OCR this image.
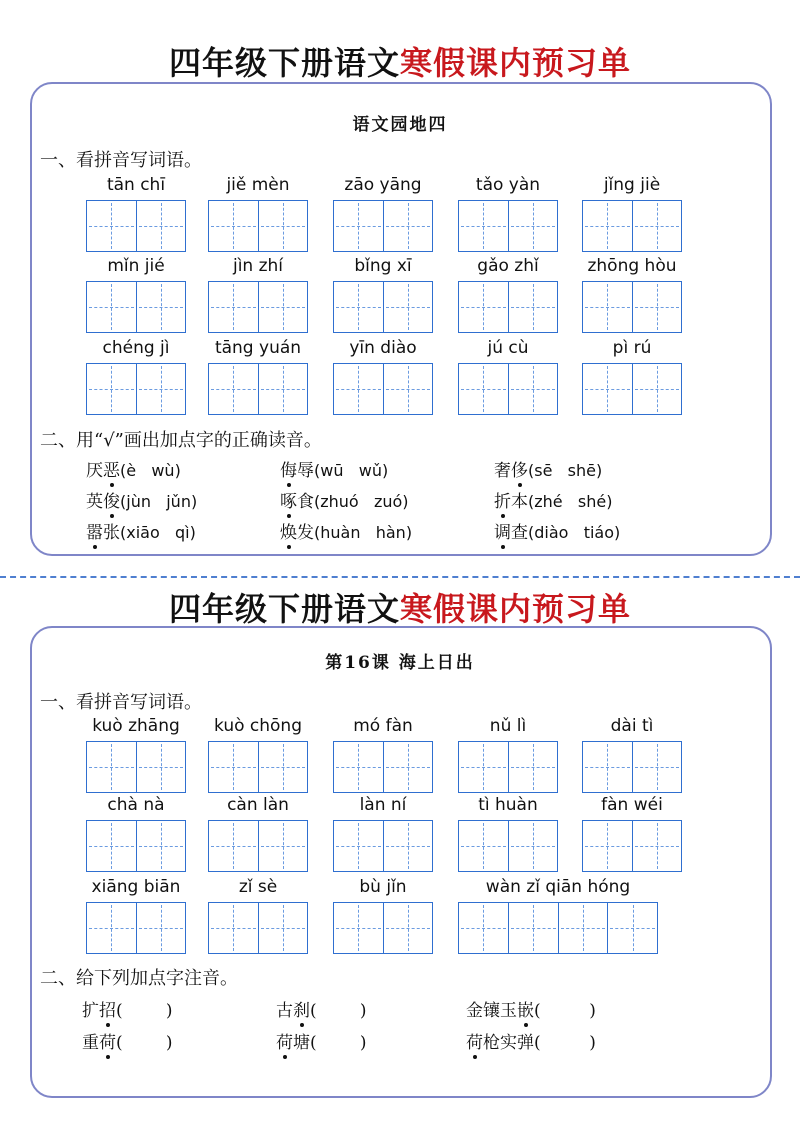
四年级下册语文寒假课内预习单
语文园地四
一、看拼音写词语。
tān chī	jiě mèn	zāo yāng	tǎo yàn	jǐng jiè
mǐn jié	jìn zhí	bǐng xī	gǎo zhǐ	zhōng hòu
chéng jì	tāng yuán	yīn diào	jú cù	pì rú
二、用“√”画出加点字的正确读音。
厌恶(è   wù)	侮辱(wū   wǔ)	奢侈(sē   shē)
英俊(jùn   jǔn)	啄食(zhuó   zuó)	折本(zhé   shé)
嚣张(xiāo   qì)	焕发(huàn   hàn)	调查(diào   tiáo)
四年级下册语文寒假课内预习单
第16课 海上日出
一、看拼音写词语。
kuò zhāng	kuò chōng	mó fàn	nǔ lì	dài tì
chà nà	càn làn	làn ní	tì huàn	fàn wéi
xiāng biān	zǐ sè	bù jǐn	wàn zǐ qiān hóng
二、给下列加点字注音。
扩招(        )	古刹(        )	金镶玉嵌(         )
重荷(        )	荷塘(        )	荷枪实弹(         )
